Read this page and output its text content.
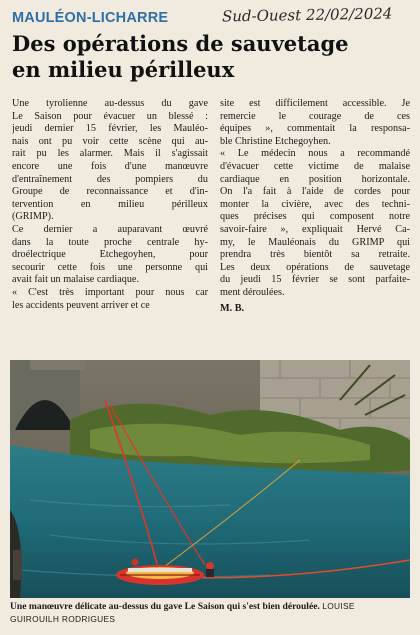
MAULÉON-LICHARRE	Sud-Ouest 22/02/2024
Des opérations de sauvetage
en milieu périlleux
Une tyrolienne au-dessus du gave
Le Saison pour évacuer un blessé :
jeudi dernier 15 février, les Mauléo-
nais ont pu voir cette scène qui au-
rait pu les alarmer. Mais il s'agissait
encore une fois d'une manœuvre
d'entraînement des pompiers du
Groupe de reconnaissance et d'in-
tervention en milieu périlleux
(GRIMP).
Ce dernier a auparavant œuvré
dans la toute proche centrale hy-
droélectrique Etchegoyhen, pour
secourir cette fois une personne qui
avait fait un malaise cardiaque.
« C'est très important pour nous car
les accidents peuvent arriver et ce
site est difficilement accessible. Je
remercie le courage de ces
équipes », commentait la responsa-
ble Christine Etchegoyhen.
« Le médecin nous a recommandé
d'évacuer cette victime de malaise
cardiaque en position horizontale.
On l'a fait à l'aide de cordes pour
monter la civière, avec des techni-
ques précises qui composent notre
savoir-faire », expliquait Hervé Ca-
my, le Mauléonais du GRIMP qui
prendra très bientôt sa retraite.
Les deux opérations de sauvetage
du jeudi 15 février se sont parfaite-
ment déroulées.
M. B.
Une manœuvre délicate au-dessus du gave Le Saison qui s'est bien déroulée. LOUISE
GUIROUILH RODRIGUES
